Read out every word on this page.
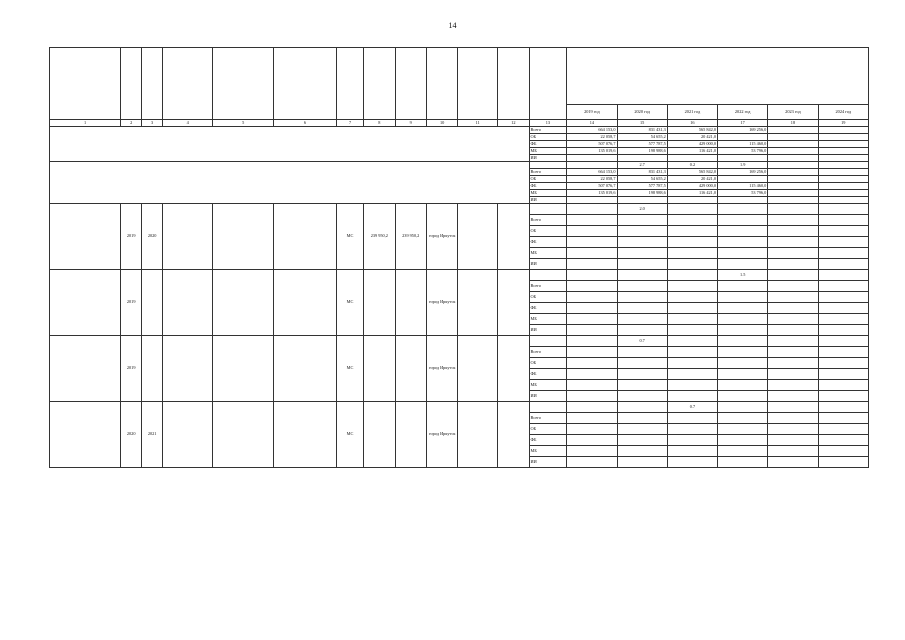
14

													2019 год	2020 год	2021 год	2022 год	2023 год	2024 год
1	2	3	4	5	6	7	8	9	10	11	12	13	14	15	16	17	18	19
												Всего	664 153,0	831 431,3	565 842,0	169 256,0		
												ОБ	22 058,7	54 655,2	20 421,0			
												ФБ	507 076,7	577 787,5	429 000,0	115 460,0		
												МБ	135 019,6	198 988,6	116 421,0	53 796,0		
												ИИ						
														2.7	0.2	1.9		
												Всего	664 153,0	831 431,3	565 842,0	169 256,0		
												ОБ	22 058,7	54 655,2	20 421,0			
												ФБ	507 076,7	577 787,5	429 000,0	115 460,0		
												МБ	135 019,6	198 988,6	116 421,0	53 796,0		
												ИИ						
	2019	2020				МС	239 950,2	239 950,2	город Иркутск					2.0				
												Всего						
												ОБ						
												ФБ						
												МБ						
												ИИ						
	2019					МС			город Иркутск							1.5		
												Всего						
												ОБ						
												ФБ						
												МБ						
												ИИ						
	2019					МС			город Иркутск					0.7				
												Всего						
												ОБ						
												ФБ						
												МБ						
												ИИ						
	2020	2021				МС			город Иркутск						0.7			
												Всего						
												ОБ						
												ФБ						
												МБ						
												ИИ						
